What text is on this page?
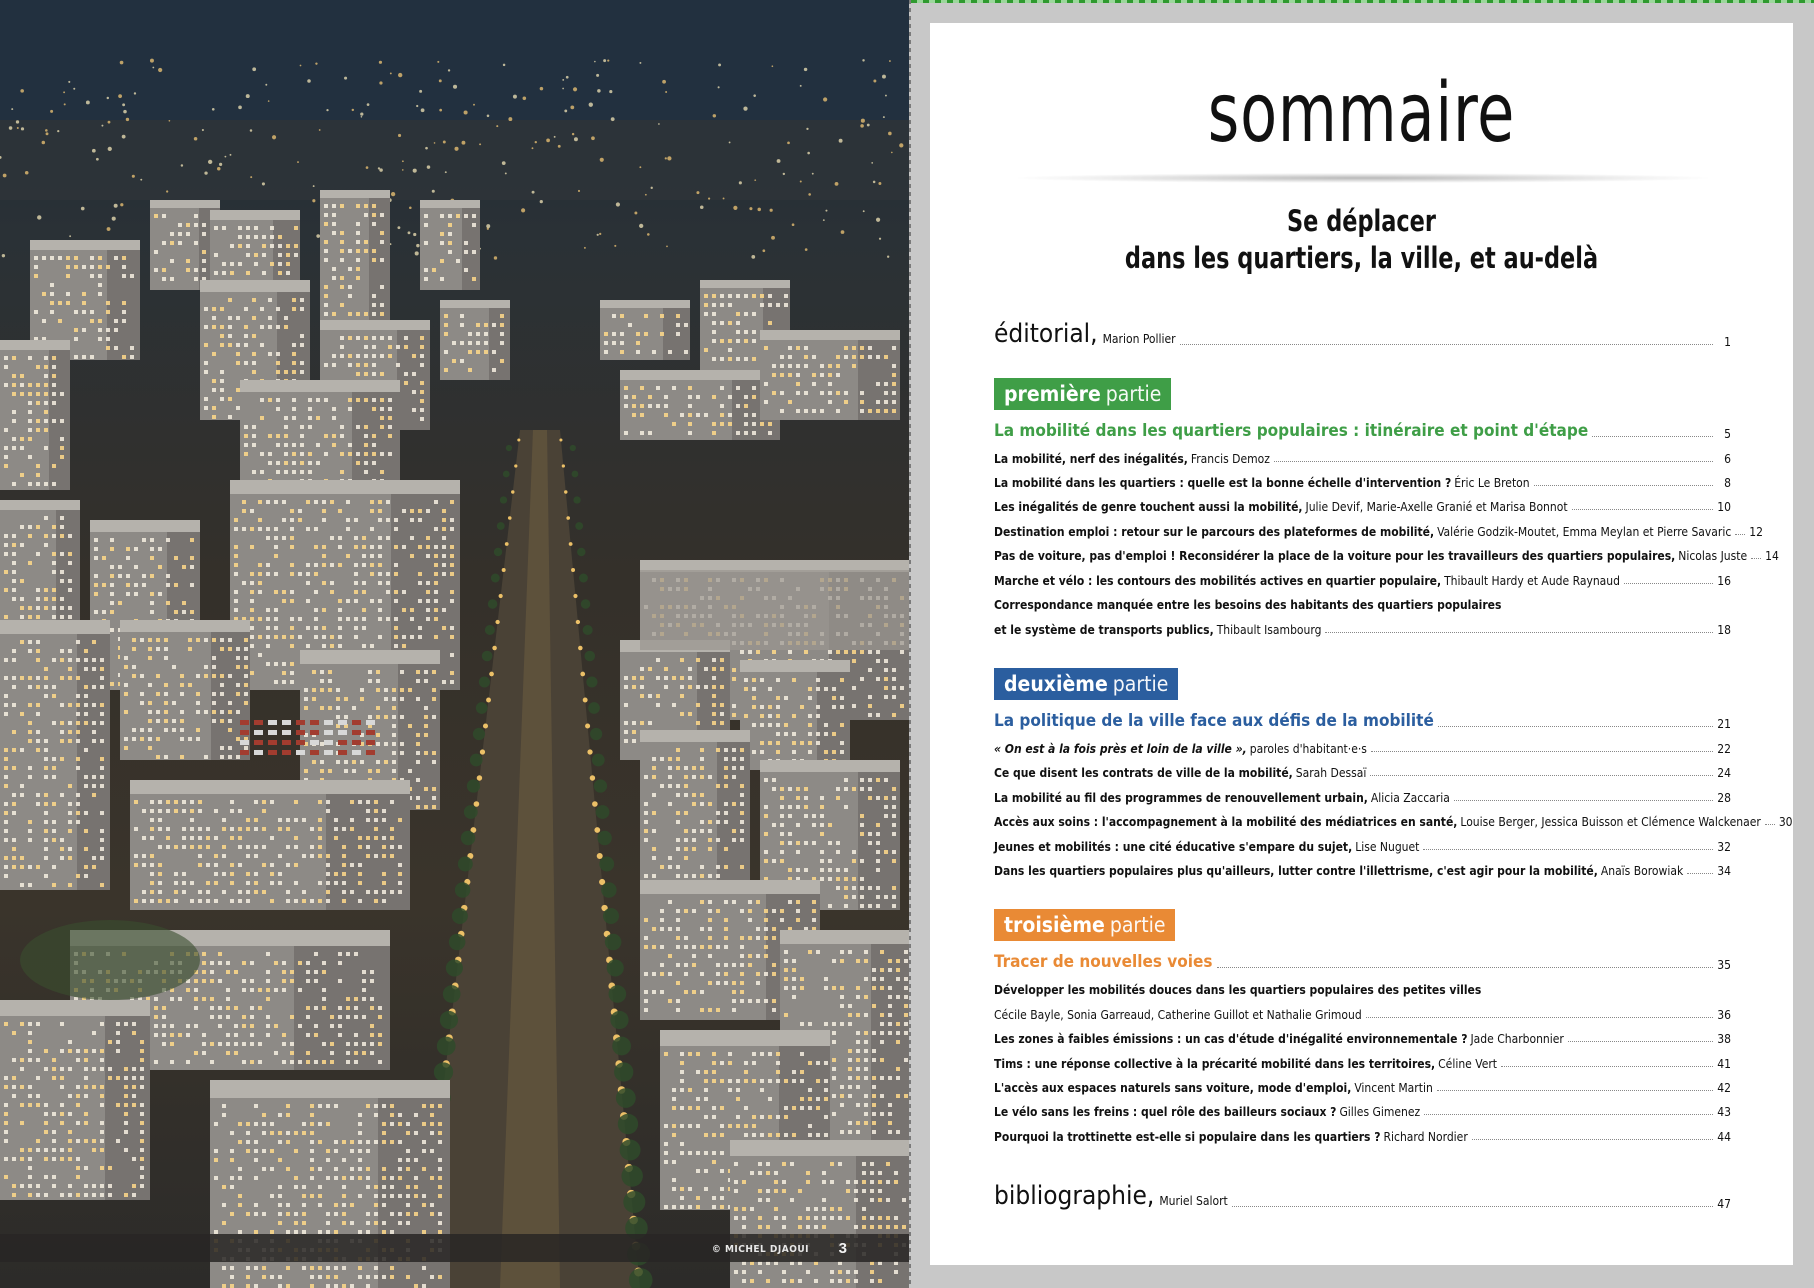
© MICHEL DJAOUI 3
sommaire
Se déplacer
dans les quartiers, la ville, et au-delà
éditorial, Marion Pollier	1
première partie
La mobilité dans les quartiers populaires : itinéraire et point d'étape	5
La mobilité, nerf des inégalités, Francis Demoz	6
La mobilité dans les quartiers : quelle est la bonne échelle d'intervention ? Éric Le Breton	8
Les inégalités de genre touchent aussi la mobilité, Julie Devif, Marie-Axelle Granié et Marisa Bonnot	10
Destination emploi : retour sur le parcours des plateformes de mobilité, Valérie Godzik-Moutet, Emma Meylan et Pierre Savaric 12
Pas de voiture, pas d'emploi ! Reconsidérer la place de la voiture pour les travailleurs des quartiers populaires, Nicolas Juste 14
Marche et vélo : les contours des mobilités actives en quartier populaire, Thibault Hardy et Aude Raynaud	16
Correspondance manquée entre les besoins des habitants des quartiers populaires
et le système de transports publics, Thibault Isambourg	18
deuxième partie
La politique de la ville face aux défis de la mobilité	21
« On est à la fois près et loin de la ville », paroles d'habitant·e·s	22
Ce que disent les contrats de ville de la mobilité, Sarah Dessaï	24
La mobilité au fil des programmes de renouvellement urbain, Alicia Zaccaria	28
Accès aux soins : l'accompagnement à la mobilité des médiatrices en santé, Louise Berger, Jessica Buisson et Clémence Walckenaer 30
Jeunes et mobilités : une cité éducative s'empare du sujet, Lise Nuguet	32
Dans les quartiers populaires plus qu'ailleurs, lutter contre l'illettrisme, c'est agir pour la mobilité, Anaïs Borowiak	34
troisième partie
Tracer de nouvelles voies	35
Développer les mobilités douces dans les quartiers populaires des petites villes
Cécile Bayle, Sonia Garreaud, Catherine Guillot et Nathalie Grimoud	36
Les zones à faibles émissions : un cas d'étude d'inégalité environnementale ? Jade Charbonnier	38
Tims : une réponse collective à la précarité mobilité dans les territoires, Céline Vert	41
L'accès aux espaces naturels sans voiture, mode d'emploi, Vincent Martin	42
Le vélo sans les freins : quel rôle des bailleurs sociaux ? Gilles Gimenez	43
Pourquoi la trottinette est-elle si populaire dans les quartiers ? Richard Nordier	44
bibliographie, Muriel Salort	47
